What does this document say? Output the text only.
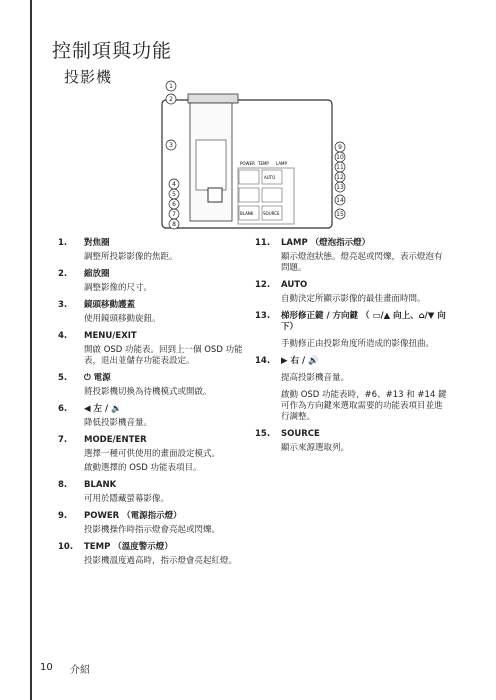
控制項與功能
投影機
POWER TEMP LAMP
AUTO
BLANK SOURCE
1
2
3
4
5
6
7
8
9
10
11
12
13
14
15
1.	對焦圈
調整所投影影像的焦距。
2.	縮放圈
調整影像的尺寸。
3.	鏡頭移動護蓋
使用鏡頭移動旋鈕。
4.	MENU/EXIT
開啟 OSD 功能表。回到上一個 OSD 功能表，退出並儲存功能表設定。
5.	⏻ 電源
將投影機切換為待機模式或開啟。
6.	◀ 左 / 🔉
降低投影機音量。
7.	MODE/ENTER
選擇一種可供使用的畫面設定模式。
啟動選擇的 OSD 功能表項目。
8.	BLANK
可用於隱藏螢幕影像。
9.	POWER （電源指示燈）
投影機操作時指示燈會亮起或閃爍。
10.	TEMP （溫度警示燈）
投影機溫度過高時，指示燈會亮起紅燈。
11.	LAMP （燈泡指示燈）
顯示燈泡狀態。燈亮起或閃爍，表示燈泡有問題。
12.	AUTO
自動決定所顯示影像的最佳畫面時間。
13.	梯形修正鍵 / 方向鍵 （ ▭/▲ 向上、⌂/▼ 向下）
手動修正由投影角度所造成的影像扭曲。
14.	▶ 右 / 🔊
提高投影機音量。
啟動 OSD 功能表時，#6、#13 和 #14 鍵可作為方向鍵來選取需要的功能表項目並進行調整。
15.	SOURCE
顯示來源選取列。
10 介紹
